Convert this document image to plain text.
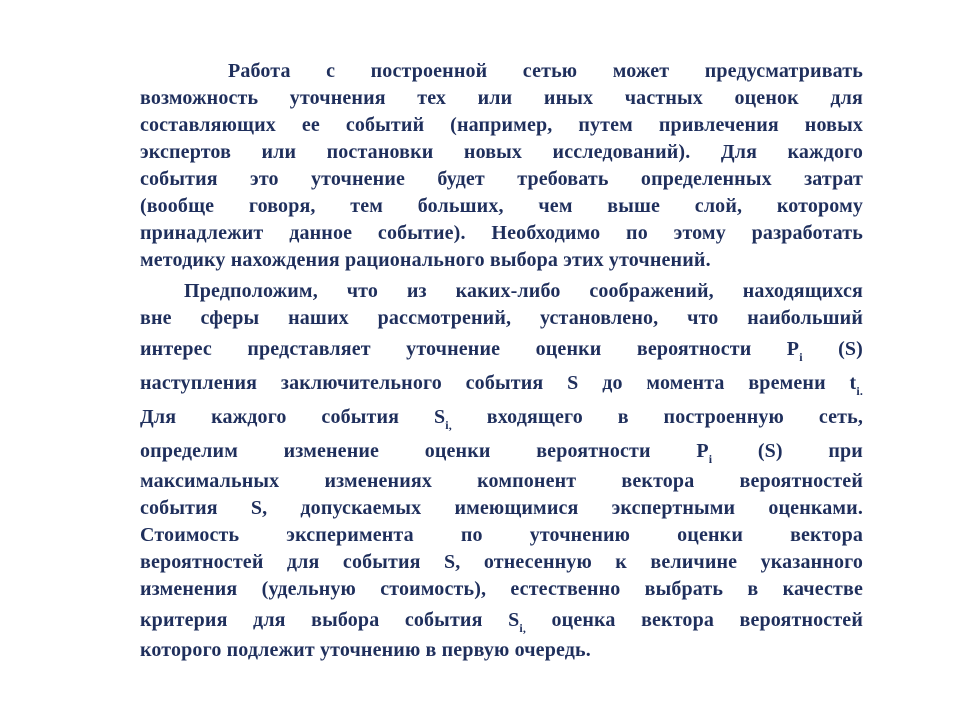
Работа с построенной сетью может предусматривать
возможность уточнения тех или иных частных оценок для
составляющих ее событий (например, путем привлечения новых
экспертов или постановки новых исследований). Для каждого
события это уточнение будет требовать определенных затрат
(вообще говоря, тем больших, чем выше слой, которому
принадлежит данное событие). Необходимо по этому разработать
методику нахождения рационального выбора этих уточнений.
Предположим, что из каких-либо соображений, находящихся
вне сферы наших рассмотрений, установлено, что наибольший
интерес представляет уточнение оценки вероятности $P_i$ (S)
наступления заключительного события S до момента времени $t_{i.}$
Для каждого события $S_{i,}$ входящего в построенную сеть,
определим изменение оценки вероятности $P_i$ (S) при
максимальных изменениях компонент вектора вероятностей
события S, допускаемых имеющимися экспертными оценками.
Стоимость эксперимента по уточнению оценки вектора
вероятностей для события S, отнесенную к величине указанного
изменения (удельную стоимость), естественно выбрать в качестве
критерия для выбора события $S_{i,}$ оценка вектора вероятностей
которого подлежит уточнению в первую очередь.
